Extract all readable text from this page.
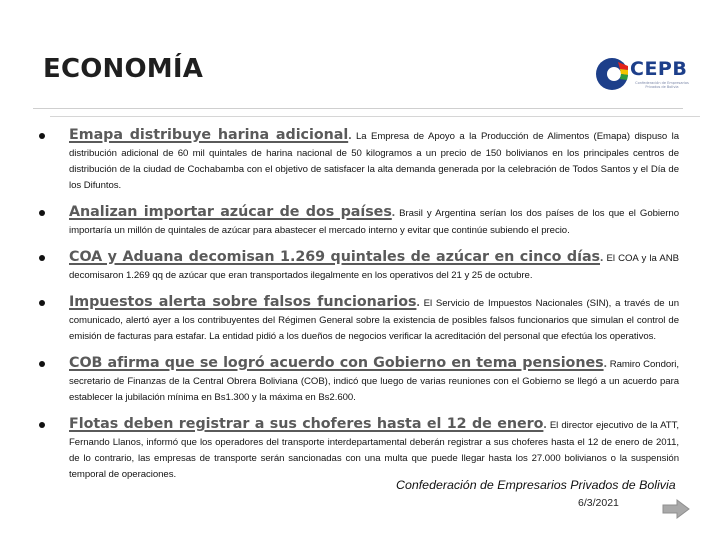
ECONOMÍA	CEPB
Confederación de Empresarios Privados de Bolivia

Emapa distribuye harina adicional. La Empresa de Apoyo a la Producción de Alimentos (Emapa) dispuso la distribución adicional de 60 mil quintales de harina nacional de 50 kilogramos a un precio de 150 bolivianos en los principales centros de distribución de la ciudad de Cochabamba con el objetivo de satisfacer la alta demanda generada por la celebración de Todos Santos y el Día de los Difuntos.

Analizan importar azúcar de dos países. Brasil y Argentina serían los dos países de los que el Gobierno importaría un millón de quintales de azúcar para abastecer el mercado interno y evitar que continúe subiendo el precio.

COA y Aduana decomisan 1.269 quintales de azúcar en cinco días. El COA y la ANB decomisaron 1.269 qq de azúcar que eran transportados ilegalmente en los operativos del 21 y 25 de octubre.

Impuestos alerta sobre falsos funcionarios. El Servicio de Impuestos Nacionales (SIN), a través de un comunicado, alertó ayer a los contribuyentes del Régimen General sobre la existencia de posibles falsos funcionarios que simulan el control de emisión de facturas para estafar. La entidad pidió a los dueños de negocios verificar la acreditación del personal que efectúa los operativos.

COB afirma que se logró acuerdo con Gobierno en tema pensiones. Ramiro Condori, secretario de Finanzas de la Central Obrera Boliviana (COB), indicó que luego de varias reuniones con el Gobierno se llegó a un acuerdo para establecer la jubilación mínima en Bs1.300 y la máxima en Bs2.600.

Flotas deben registrar a sus choferes hasta el 12 de enero. El director ejecutivo de la ATT, Fernando Llanos, informó que los operadores del transporte interdepartamental deberán registrar a sus choferes hasta el 12 de enero de 2011, de lo contrario, las empresas de transporte serán sancionadas con una multa que puede llegar hasta los 27.000 bolivianos o la suspensión temporal de operaciones.

Confederación de Empresarios Privados de Bolivia
6/3/2021
